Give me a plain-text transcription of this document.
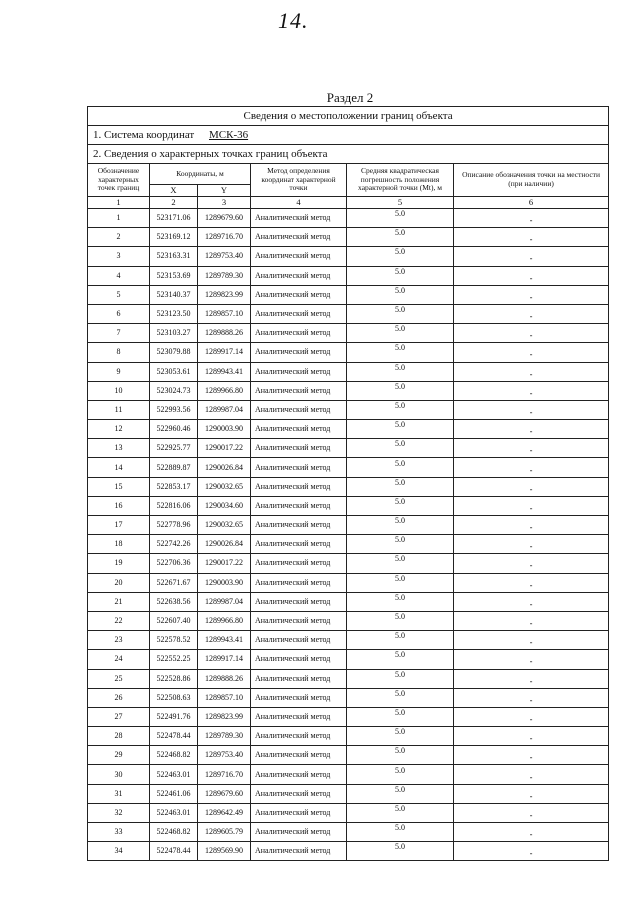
14.
Раздел 2
Сведения о местоположении границ объекта					
1. Система координат МСК-36					
2. Сведения о характерных точках границ объекта					
Обозначение характерных точек границ	Координаты, м		Метод определения координат характерной точки	Средняя квадратическая погрешность положения характерной точки (Mt), м	Описание обозначения точки на местности (при наличии)
	X	Y			
1	2	3	4	5	6
1	523171.06	1289679.60	Аналитический метод	5.0	-
2	523169.12	1289716.70	Аналитический метод	5.0	-
3	523163.31	1289753.40	Аналитический метод	5.0	-
4	523153.69	1289789.30	Аналитический метод	5.0	-
5	523140.37	1289823.99	Аналитический метод	5.0	-
6	523123.50	1289857.10	Аналитический метод	5.0	-
7	523103.27	1289888.26	Аналитический метод	5.0	-
8	523079.88	1289917.14	Аналитический метод	5.0	-
9	523053.61	1289943.41	Аналитический метод	5.0	-
10	523024.73	1289966.80	Аналитический метод	5.0	-
11	522993.56	1289987.04	Аналитический метод	5.0	-
12	522960.46	1290003.90	Аналитический метод	5.0	-
13	522925.77	1290017.22	Аналитический метод	5.0	-
14	522889.87	1290026.84	Аналитический метод	5.0	-
15	522853.17	1290032.65	Аналитический метод	5.0	-
16	522816.06	1290034.60	Аналитический метод	5.0	-
17	522778.96	1290032.65	Аналитический метод	5.0	-
18	522742.26	1290026.84	Аналитический метод	5.0	-
19	522706.36	1290017.22	Аналитический метод	5.0	-
20	522671.67	1290003.90	Аналитический метод	5.0	-
21	522638.56	1289987.04	Аналитический метод	5.0	-
22	522607.40	1289966.80	Аналитический метод	5.0	-
23	522578.52	1289943.41	Аналитический метод	5.0	-
24	522552.25	1289917.14	Аналитический метод	5.0	-
25	522528.86	1289888.26	Аналитический метод	5.0	-
26	522508.63	1289857.10	Аналитический метод	5.0	-
27	522491.76	1289823.99	Аналитический метод	5.0	-
28	522478.44	1289789.30	Аналитический метод	5.0	-
29	522468.82	1289753.40	Аналитический метод	5.0	-
30	522463.01	1289716.70	Аналитический метод	5.0	-
31	522461.06	1289679.60	Аналитический метод	5.0	-
32	522463.01	1289642.49	Аналитический метод	5.0	-
33	522468.82	1289605.79	Аналитический метод	5.0	-
34	522478.44	1289569.90	Аналитический метод	5.0	-
